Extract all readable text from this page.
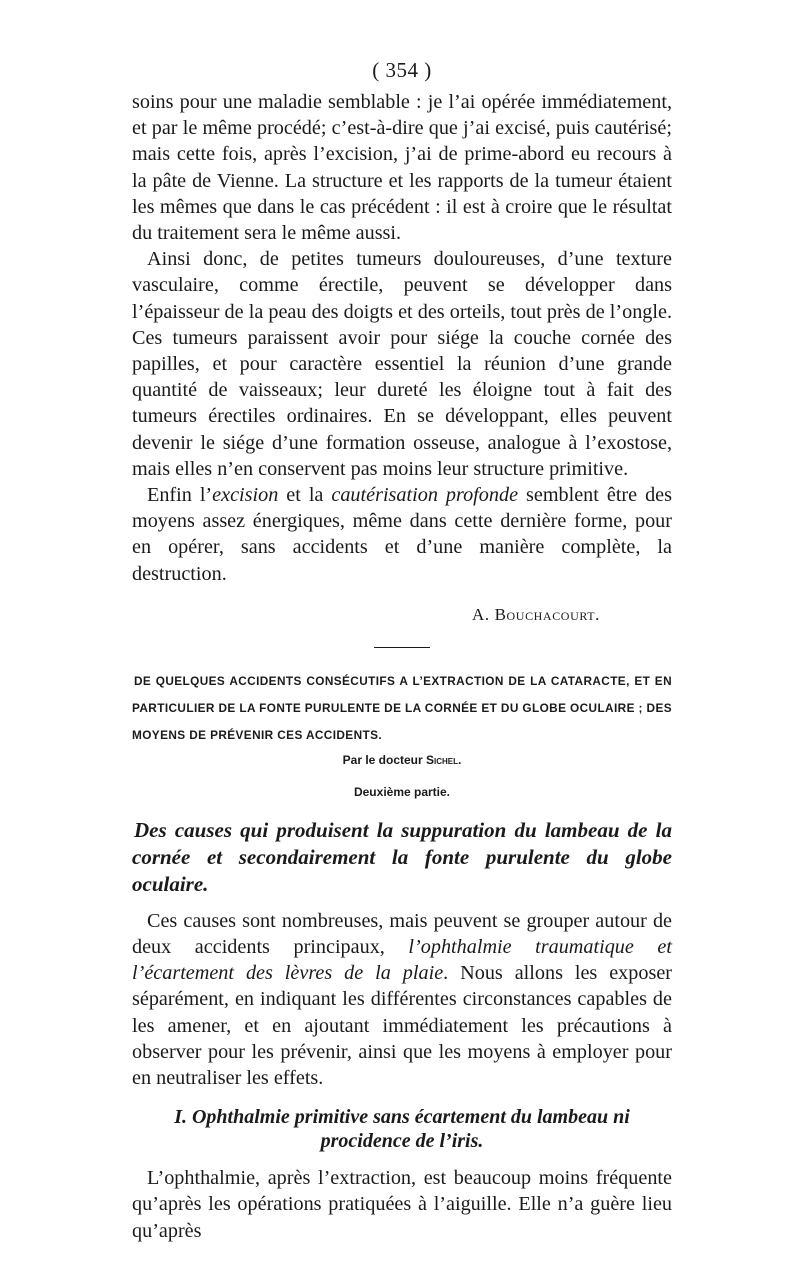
( 354 )

soins pour une maladie semblable : je l’ai opérée immédiatement, et par le même procédé; c’est-à-dire que j’ai excisé, puis cautérisé; mais cette fois, après l’excision, j’ai de prime-abord eu recours à la pâte de Vienne. La structure et les rapports de la tumeur étaient les mêmes que dans le cas précédent : il est à croire que le résultat du traitement sera le même aussi.

Ainsi donc, de petites tumeurs douloureuses, d’une texture vasculaire, comme érectile, peuvent se développer dans l’épaisseur de la peau des doigts et des orteils, tout près de l’ongle. Ces tumeurs paraissent avoir pour siége la couche cornée des papilles, et pour caractère essentiel la réunion d’une grande quantité de vaisseaux; leur dureté les éloigne tout à fait des tumeurs érectiles ordinaires. En se développant, elles peuvent devenir le siége d’une formation osseuse, analogue à l’exostose, mais elles n’en conservent pas moins leur structure primitive.

Enfin l’excision et la cautérisation profonde semblent être des moyens assez énergiques, même dans cette dernière forme, pour en opérer, sans accidents et d’une manière complète, la destruction.

A. Bouchacourt.
DE QUELQUES ACCIDENTS CONSÉCUTIFS A L’EXTRACTION DE LA CATARACTE, ET EN PARTICULIER DE LA FONTE PURULENTE DE LA CORNÉE ET DU GLOBE OCULAIRE ; DES MOYENS DE PRÉVENIR CES ACCIDENTS.
Par le docteur Sichel.
Deuxième partie.
Des causes qui produisent la suppuration du lambeau de la cornée et secondairement la fonte purulente du globe oculaire.

Ces causes sont nombreuses, mais peuvent se grouper autour de deux accidents principaux, l’ophthalmie traumatique et l’écartement des lèvres de la plaie. Nous allons les exposer séparément, en indiquant les différentes circonstances capables de les amener, et en ajoutant immédiatement les précautions à observer pour les prévenir, ainsi que les moyens à employer pour en neutraliser les effets.

I. Ophthalmie primitive sans écartement du lambeau ni
procidence de l’iris.

L’ophthalmie, après l’extraction, est beaucoup moins fréquente qu’après les opérations pratiquées à l’aiguille. Elle n’a guère lieu qu’après
